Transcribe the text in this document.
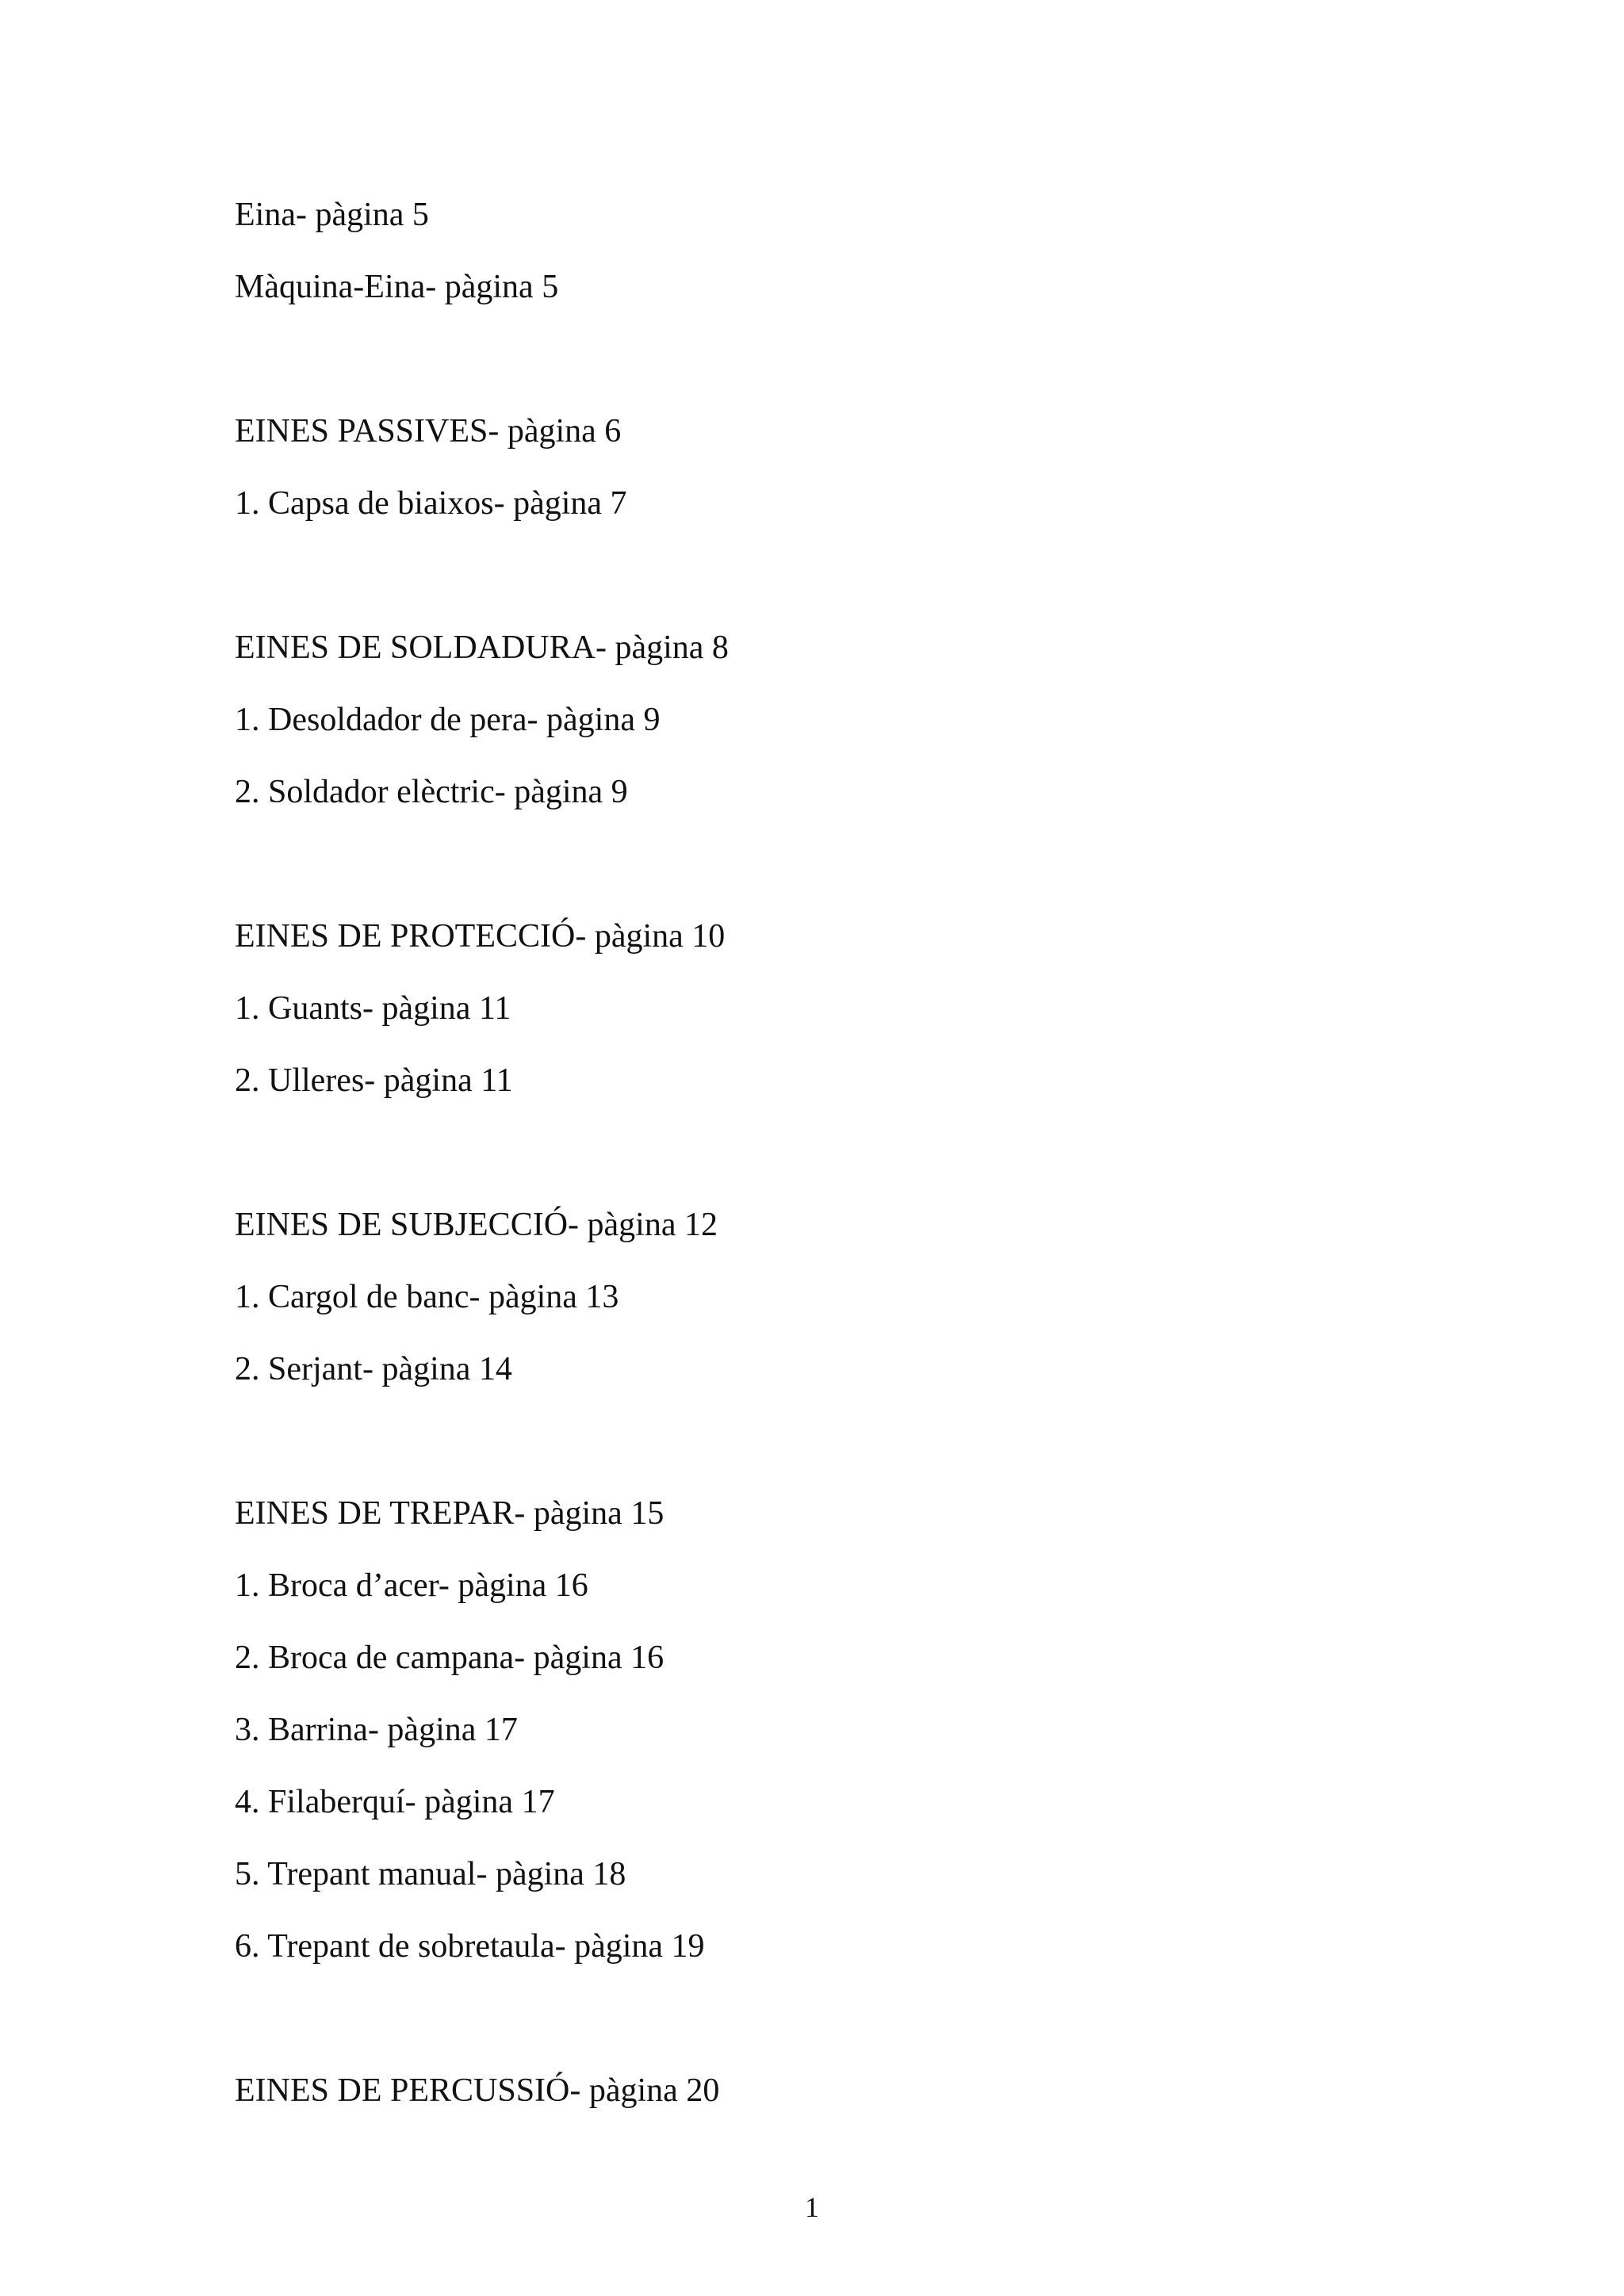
Eina- pàgina 5
Màquina-Eina- pàgina 5
EINES PASSIVES- pàgina 6
1. Capsa de biaixos- pàgina 7
EINES DE SOLDADURA- pàgina 8
1. Desoldador de pera- pàgina 9
2. Soldador elèctric- pàgina 9
EINES DE PROTECCIÓ- pàgina 10
1. Guants- pàgina 11
2. Ulleres- pàgina 11
EINES DE SUBJECCIÓ- pàgina 12
1. Cargol de banc- pàgina 13
2. Serjant- pàgina 14
EINES DE TREPAR- pàgina 15
1. Broca d’acer- pàgina 16
2. Broca de campana- pàgina 16
3. Barrina- pàgina 17
4. Filaberquí- pàgina 17
5. Trepant manual- pàgina 18
6. Trepant de sobretaula- pàgina 19
EINES DE PERCUSSIÓ- pàgina 20
1
